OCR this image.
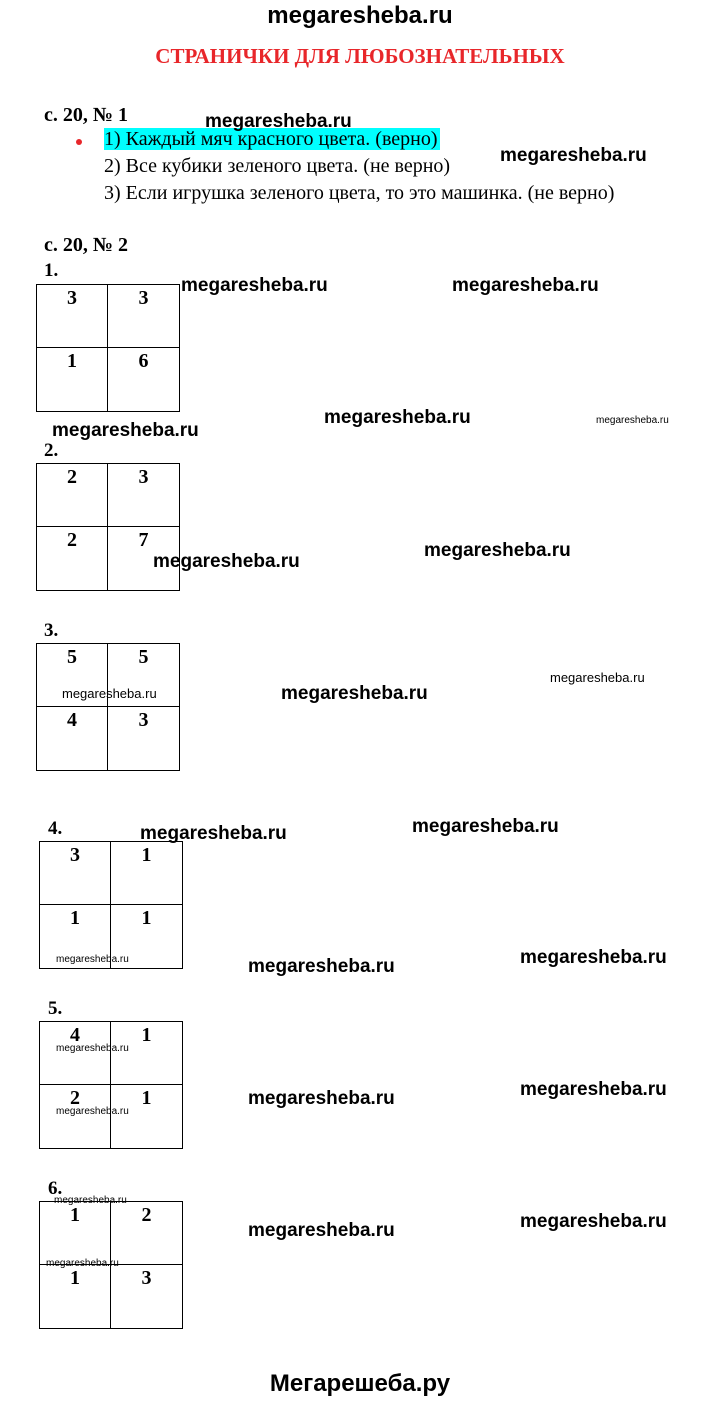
megaresheba.ru
СТРАНИЧКИ ДЛЯ ЛЮБОЗНАТЕЛЬНЫХ
с. 20, № 1
1) Каждый мяч красного цвета. (верно)
2) Все кубики зеленого цвета. (не верно)
3) Если игрушка зеленого цвета, то это машинка. (не верно)
с. 20, № 2
1.
3	3
1	6
2.
2	3
2	7
3.
5	5
4	3
4.
3	1
1	1
5.
4	1
2	1
6.
1	2
1	3
megaresheba.ru
megaresheba.ru
megaresheba.ru	megaresheba.ru
megaresheba.ru	megaresheba.ru
megaresheba.ru
megaresheba.ru
megaresheba.ru
megaresheba.ru
megaresheba.ru	megaresheba.ru
megaresheba.ru
megaresheba.ru
megaresheba.ru
megaresheba.ru	megaresheba.ru
megaresheba.ru
megaresheba.ru
megaresheba.ru
megaresheba.ru
megaresheba.ru
megaresheba.ru
megaresheba.ru
megaresheba.ru
Мегарешеба.ру
